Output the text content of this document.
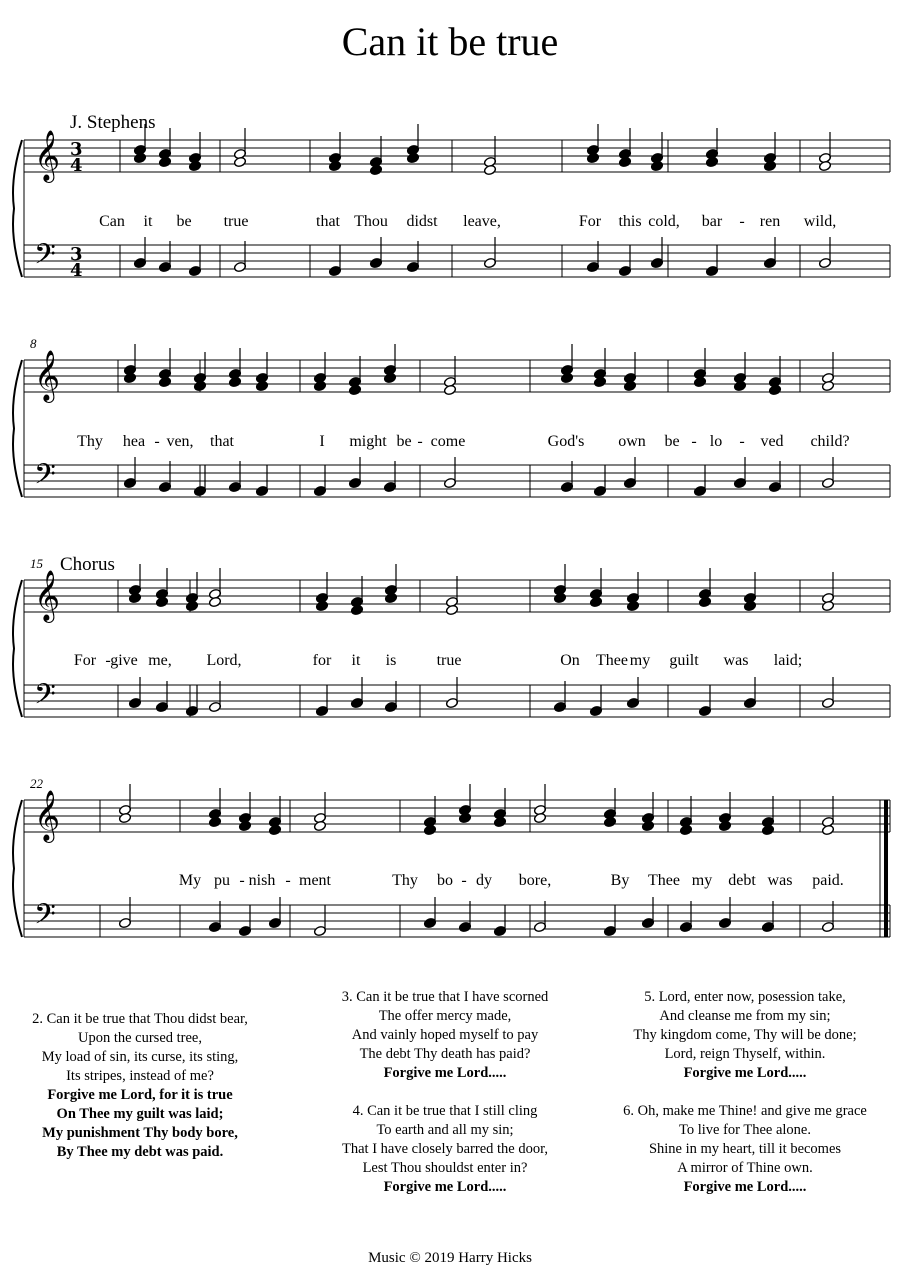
Can it be true
J. Stephens
𝄞
𝄢
3
4
3
4
Can it be true	that Thou didst leave,	For this cold, bar - ren wild,
𝄞
𝄢
8
Thy hea - ven, that	I might be - come	God's own be - lo - ved child?
𝄞
𝄢
15 Chorus
For - give me, Lord,	for it is	true	On Thee my guilt was laid;
𝄞
𝄢
22
My pu - nish - ment	Thy bo - dy bore,	By Thee my debt was paid.
2. Can it be true that Thou didst bear,
Upon the cursed tree,
My load of sin, its curse, its sting,
Its stripes, instead of me?
Forgive me Lord, for it is true
On Thee my guilt was laid;
My punishment Thy body bore,
By Thee my debt was paid.
3. Can it be true that I have scorned
The offer mercy made,
And vainly hoped myself to pay
The debt Thy death has paid?
Forgive me Lord.....
4. Can it be true that I still cling
To earth and all my sin;
That I have closely barred the door,
Lest Thou shouldst enter in?
Forgive me Lord.....
5. Lord, enter now, posession take,
And cleanse me from my sin;
Thy kingdom come, Thy will be done;
Lord, reign Thyself, within.
Forgive me Lord.....
6. Oh, make me Thine! and give me grace
To live for Thee alone.
Shine in my heart, till it becomes
A mirror of Thine own.
Forgive me Lord.....
Music © 2019 Harry Hicks
